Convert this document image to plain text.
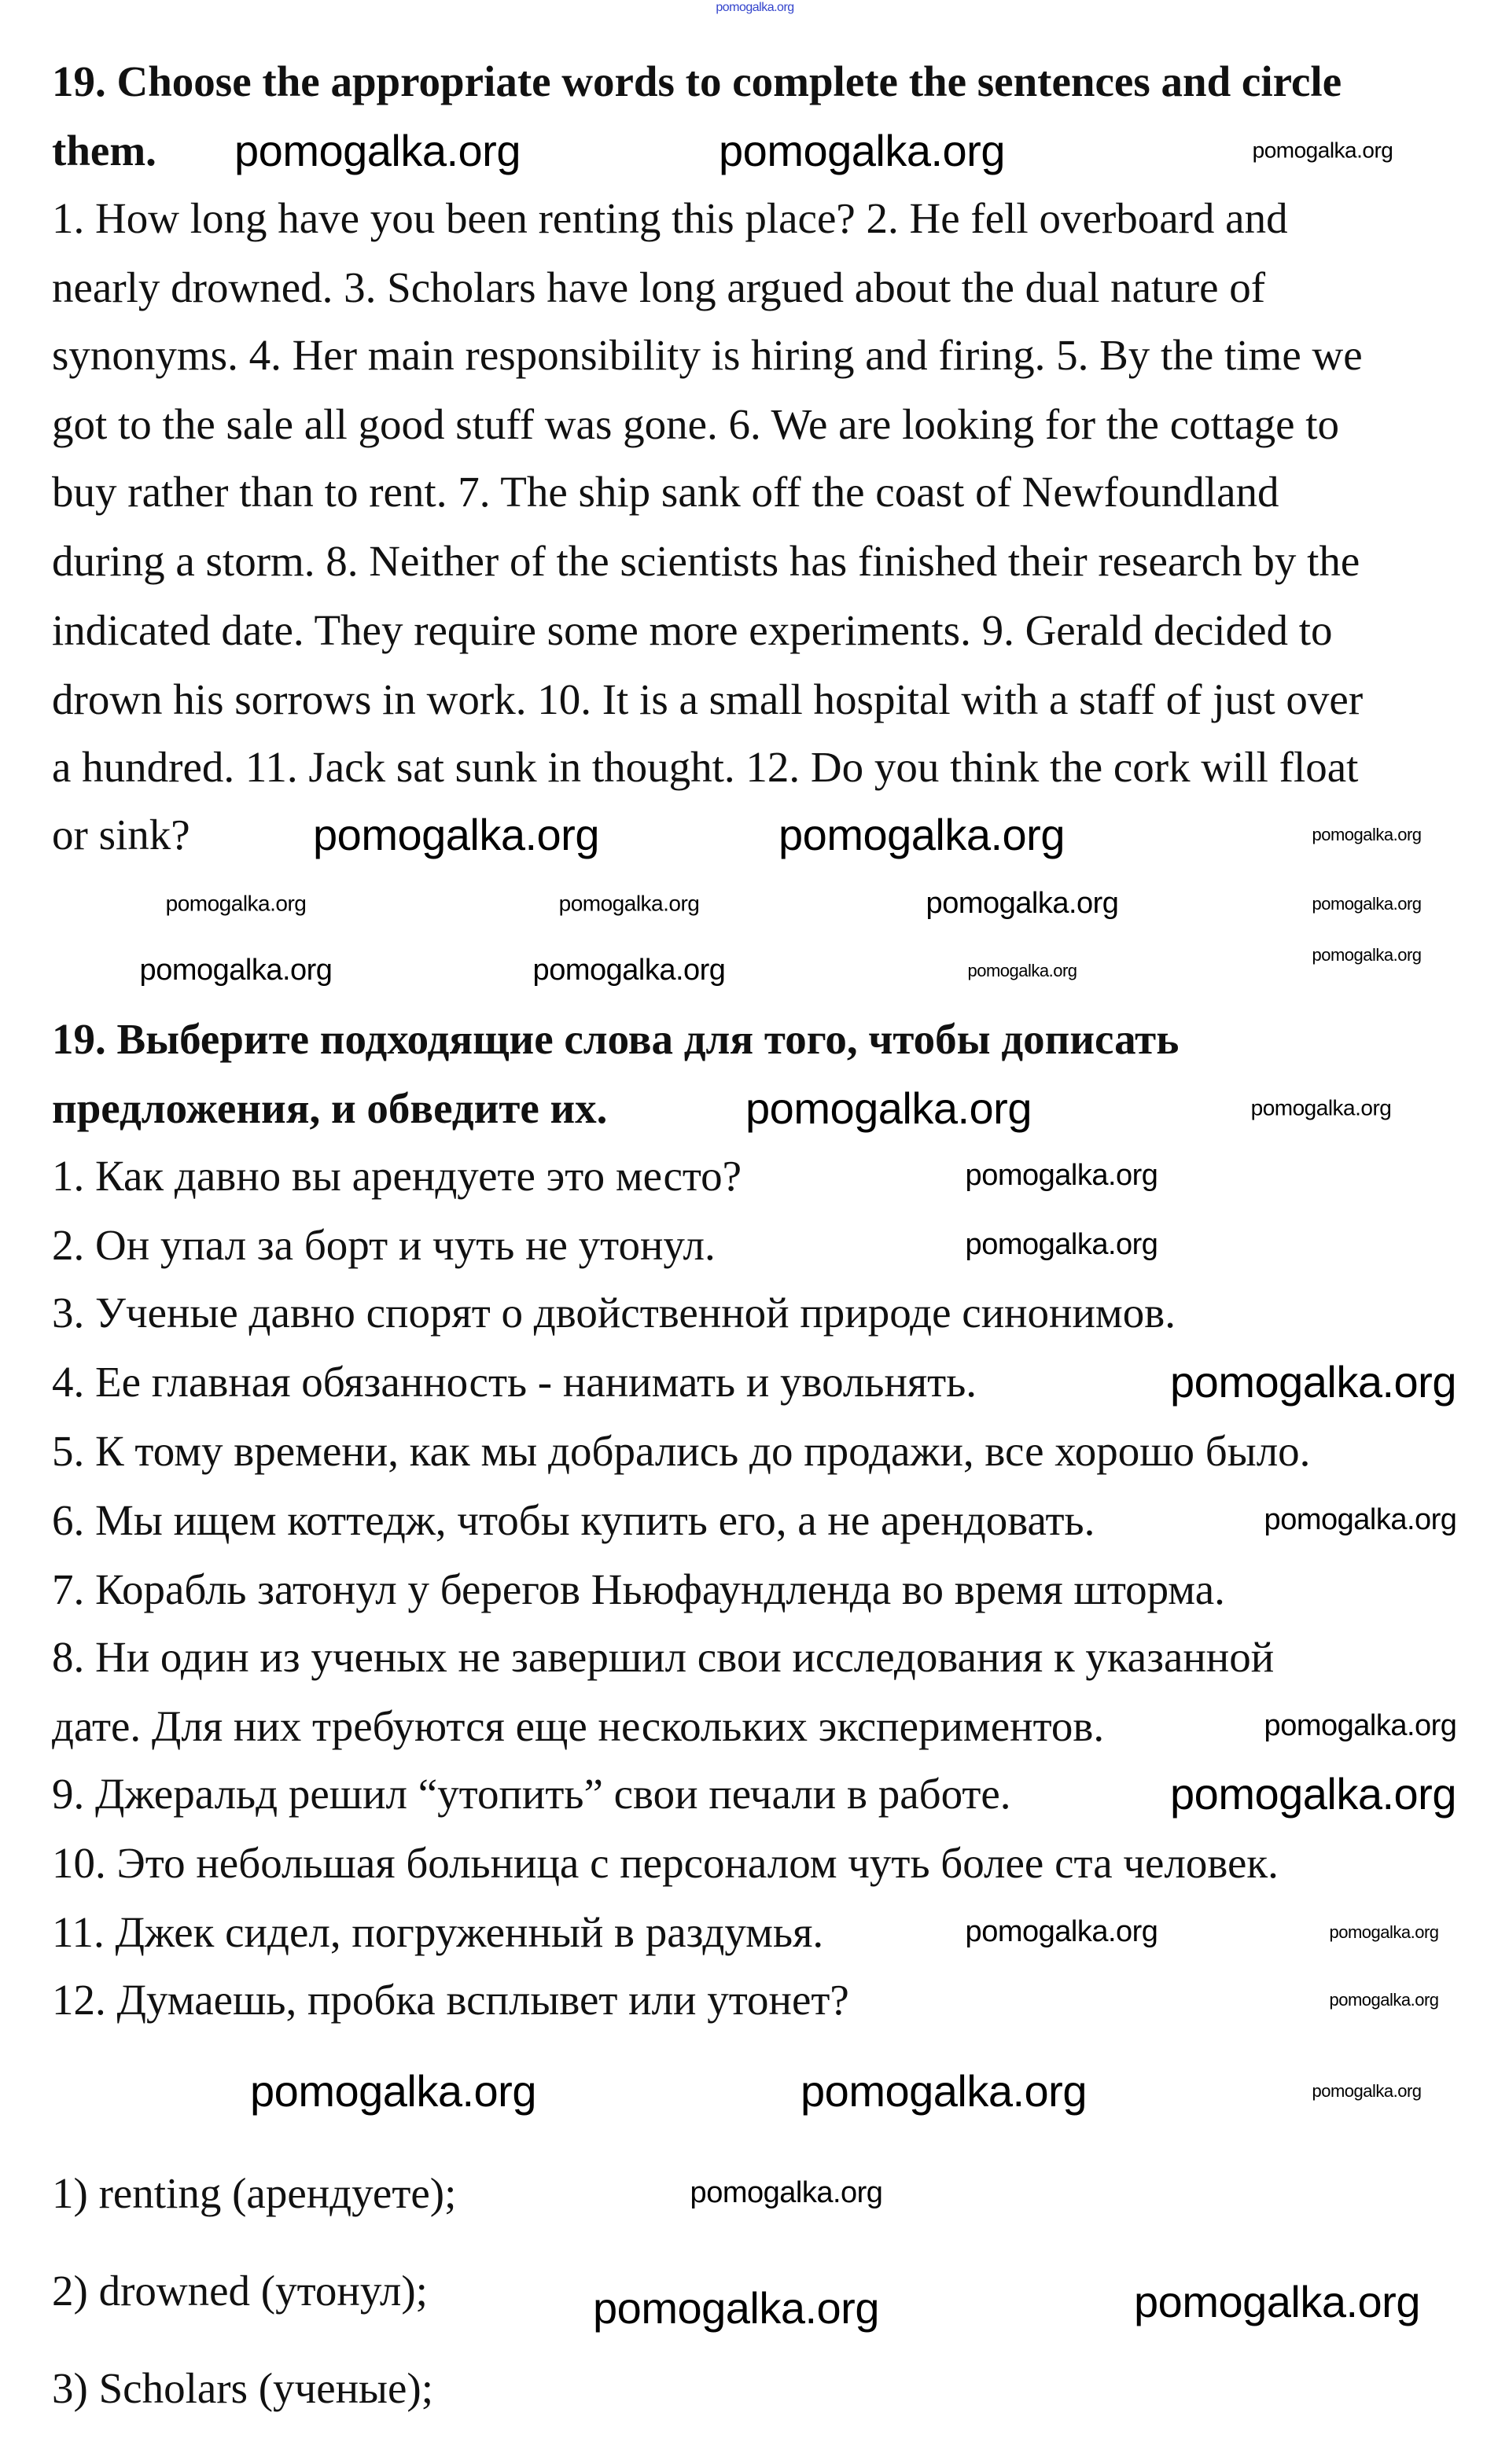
19. Choose the appropriate words to complete the sentences and circle
them.
1. How long have you been renting this place? 2. He fell overboard and
nearly drowned. 3. Scholars have long argued about the dual nature of
synonyms. 4. Her main responsibility is hiring and firing. 5. By the time we
got to the sale all good stuff was gone. 6. We are looking for the cottage to
buy rather than to rent. 7. The ship sank off the coast of Newfoundland
during a storm. 8. Neither of the scientists has finished their research by the
indicated date. They require some more experiments. 9. Gerald decided to
drown his sorrows in work. 10. It is a small hospital with a staff of just over
a hundred. 11. Jack sat sunk in thought. 12. Do you think the cork will float
or sink?
19. Выберите подходящие слова для того, чтобы дописать
предложения, и обведите их.
1. Как давно вы арендуете это место?
2. Он упал за борт и чуть не утонул.
3. Ученые давно спорят о двойственной природе синонимов.
4. Ее главная обязанность - нанимать и увольнять.
5. К тому времени, как мы добрались до продажи, все хорошо было.
6. Мы ищем коттедж, чтобы купить его, а не арендовать.
7. Корабль затонул у берегов Ньюфаундленда во время шторма.
8. Ни один из ученых не завершил свои исследования к указанной
дате. Для них требуются еще нескольких экспериментов.
9. Джеральд решил “утопить” свои печали в работе.
10. Это небольшая больница с персоналом чуть более ста человек.
11. Джек сидел, погруженный в раздумья.
12. Думаешь, пробка всплывет или утонет?
1) renting (арендуете);
2) drowned (утонул);
3) Scholars (ученые);
pomogalka.org
pomogalka.org	pomogalka.org	pomogalka.org
pomogalka.org	pomogalka.org	pomogalka.org
pomogalka.org	pomogalka.org	pomogalka.org
pomogalka.org
pomogalka.org	pomogalka.org	pomogalka.org
pomogalka.org
pomogalka.org	pomogalka.org
pomogalka.org
pomogalka.org
pomogalka.org
pomogalka.org
pomogalka.org
pomogalka.org
pomogalka.org
pomogalka.org
pomogalka.org
pomogalka.org	pomogalka.org	pomogalka.org
pomogalka.org	pomogalka.org
pomogalka.org
